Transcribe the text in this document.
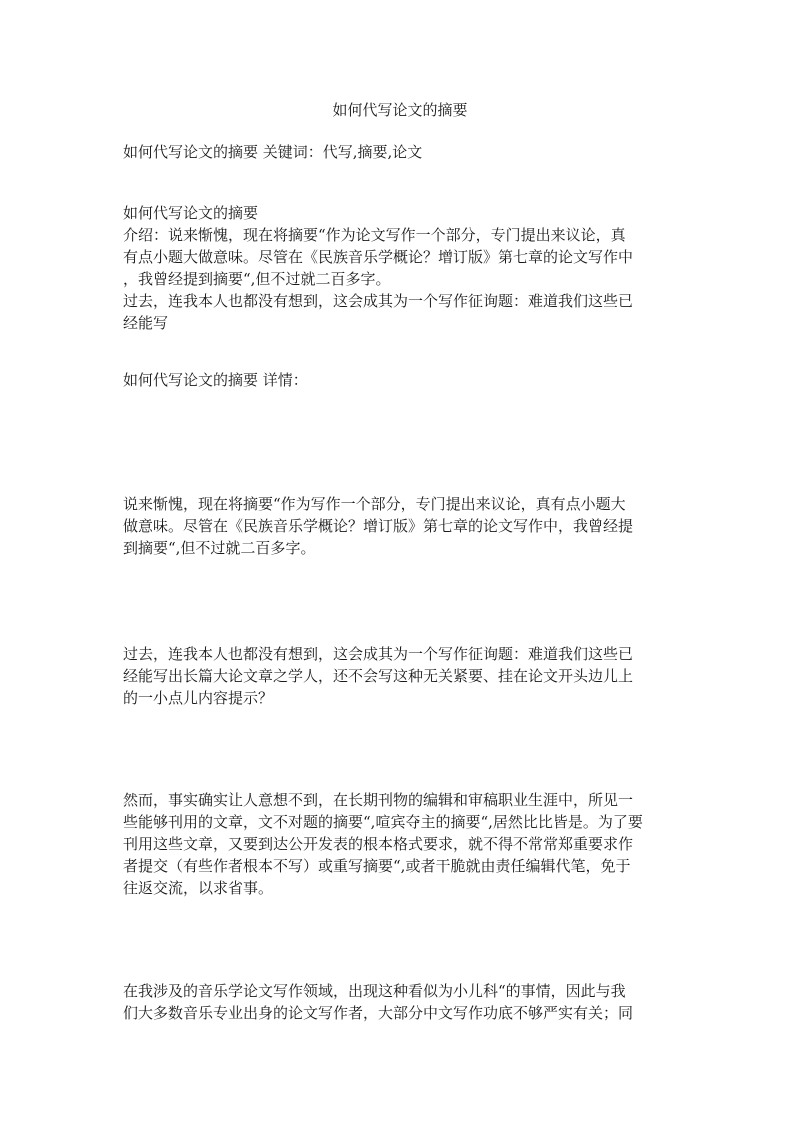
如何代写论文的摘要
如何代写论文的摘要 关键词：代写,摘要,论文
如何代写论文的摘要
介绍：说来惭愧，现在将摘要“作为论文写作一个部分，专门提出来议论，真
有点小题大做意味。尽管在《民族音乐学概论？增订版》第七章的论文写作中
，我曾经提到摘要“,但不过就二百多字。
过去，连我本人也都没有想到，这会成其为一个写作征询题：难道我们这些已
经能写
如何代写论文的摘要 详情：
说来惭愧，现在将摘要“作为写作一个部分，专门提出来议论，真有点小题大
做意味。尽管在《民族音乐学概论？增订版》第七章的论文写作中，我曾经提
到摘要“,但不过就二百多字。
过去，连我本人也都没有想到，这会成其为一个写作征询题：难道我们这些已
经能写出长篇大论文章之学人，还不会写这种无关紧要、挂在论文开头边儿上
的一小点儿内容提示？
然而，事实确实让人意想不到，在长期刊物的编辑和审稿职业生涯中，所见一
些能够刊用的文章，文不对题的摘要“,喧宾夺主的摘要“,居然比比皆是。为了要
刊用这些文章，又要到达公开发表的根本格式要求，就不得不常常郑重要求作
者提交（有些作者根本不写）或重写摘要“,或者干脆就由责任编辑代笔，免于
往返交流，以求省事。
在我涉及的音乐学论文写作领域，出现这种看似为小儿科“的事情，因此与我
们大多数音乐专业出身的论文写作者，大部分中文写作功底不够严实有关；同
